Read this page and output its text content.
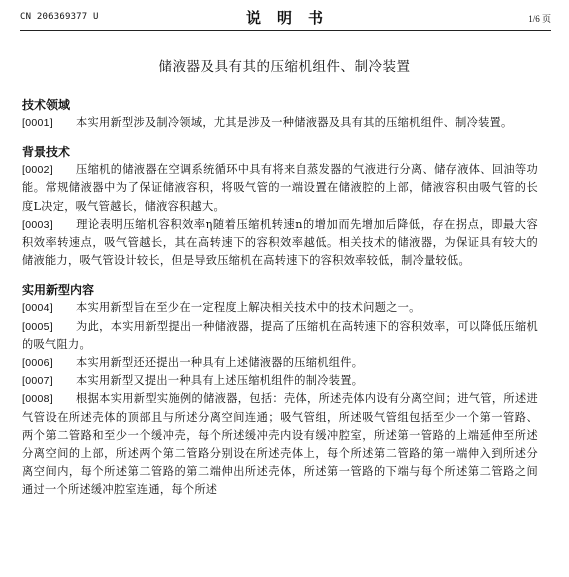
CN 206369377 U	说明书	1/6 页
储液器及具有其的压缩机组件、制冷装置
技术领域
[0001] 本实用新型涉及制冷领域，尤其是涉及一种储液器及具有其的压缩机组件、制冷装置。
背景技术
[0002] 压缩机的储液器在空调系统循环中具有将来自蒸发器的气液进行分离、储存液体、回油等功能。常规储液器中为了保证储液容积，将吸气管的一端设置在储液腔的上部，储液容积由吸气管的长度L决定，吸气管越长，储液容积越大。
[0003] 理论表明压缩机容积效率η随着压缩机转速n的增加而先增加后降低，存在拐点，即最大容积效率转速点，吸气管越长，其在高转速下的容积效率越低。相关技术的储液器，为保证具有较大的储液能力，吸气管设计较长，但是导致压缩机在高转速下的容积效率较低，制冷量较低。
实用新型内容
[0004] 本实用新型旨在至少在一定程度上解决相关技术中的技术问题之一。
[0005] 为此，本实用新型提出一种储液器，提高了压缩机在高转速下的容积效率，可以降低压缩机的吸气阻力。
[0006] 本实用新型还还提出一种具有上述储液器的压缩机组件。
[0007] 本实用新型又提出一种具有上述压缩机组件的制冷装置。
[0008] 根据本实用新型实施例的储液器，包括：壳体，所述壳体内设有分离空间；进气管，所述进气管设在所述壳体的顶部且与所述分离空间连通；吸气管组，所述吸气管组包括至少一个第一管路、两个第二管路和至少一个缓冲壳，每个所述缓冲壳内设有缓冲腔室，所述第一管路的上端延伸至所述分离空间的上部，所述两个第二管路分别设在所述壳体上，每个所述第二管路的第一端伸入到所述分离空间内，每个所述第二管路的第二端伸出所述壳体，所述第一管路的下端与每个所述第二管路之间通过一个所述缓冲腔室连通，每个所述
